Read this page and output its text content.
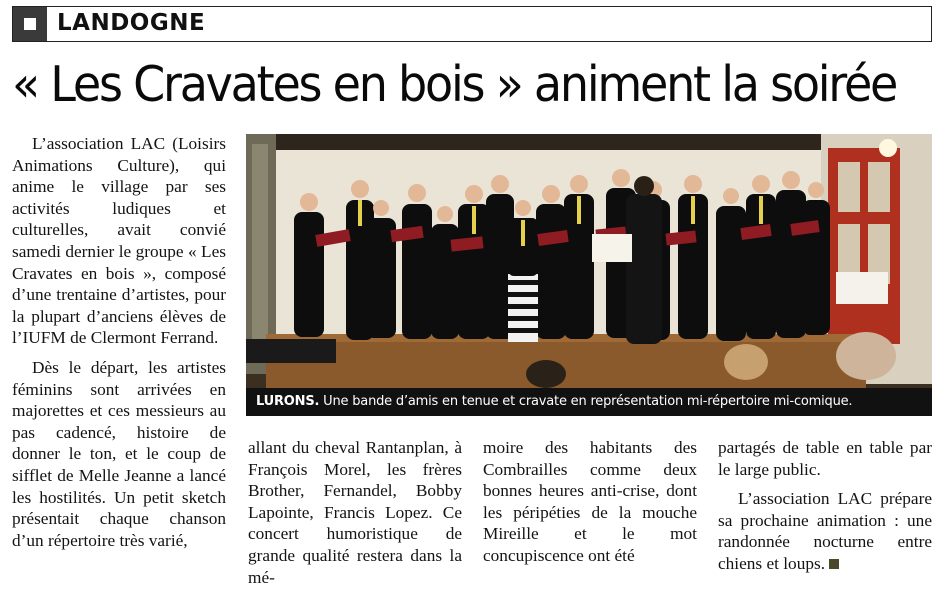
LANDOGNE
« Les Cravates en bois » animent la soirée

L’association LAC (Loisirs Animations Culture), qui anime le village par ses activités ludiques et culturelles, avait convié samedi dernier le groupe « Les Cravates en bois », composé d’une trentaine d’artistes, pour la plupart d’anciens élèves de l’IUFM de Clermont Ferrand.

Dès le départ, les artistes féminins sont arrivées en majorettes et ces messieurs au pas cadencé, histoire de donner le ton, et le coup de sifflet de Melle Jeanne a lancé les hostilités. Un petit sketch présentait chaque chanson d’un répertoire très varié,

LURONS. Une bande d’amis en tenue et cravate en représentation mi-répertoire mi-comique.

allant du cheval Rantanplan, à François Morel, les frères Brother, Fernandel, Bobby Lapointe, Francis Lopez. Ce concert humoristique de grande qualité restera dans la mé-

moire des habitants des Combrailles comme deux bonnes heures anti-crise, dont les péripéties de la mouche Mireille et le mot concupiscence ont été

partagés de table en table par le large public.

L’association LAC prépare sa prochaine animation : une randonnée nocturne entre chiens et loups.
